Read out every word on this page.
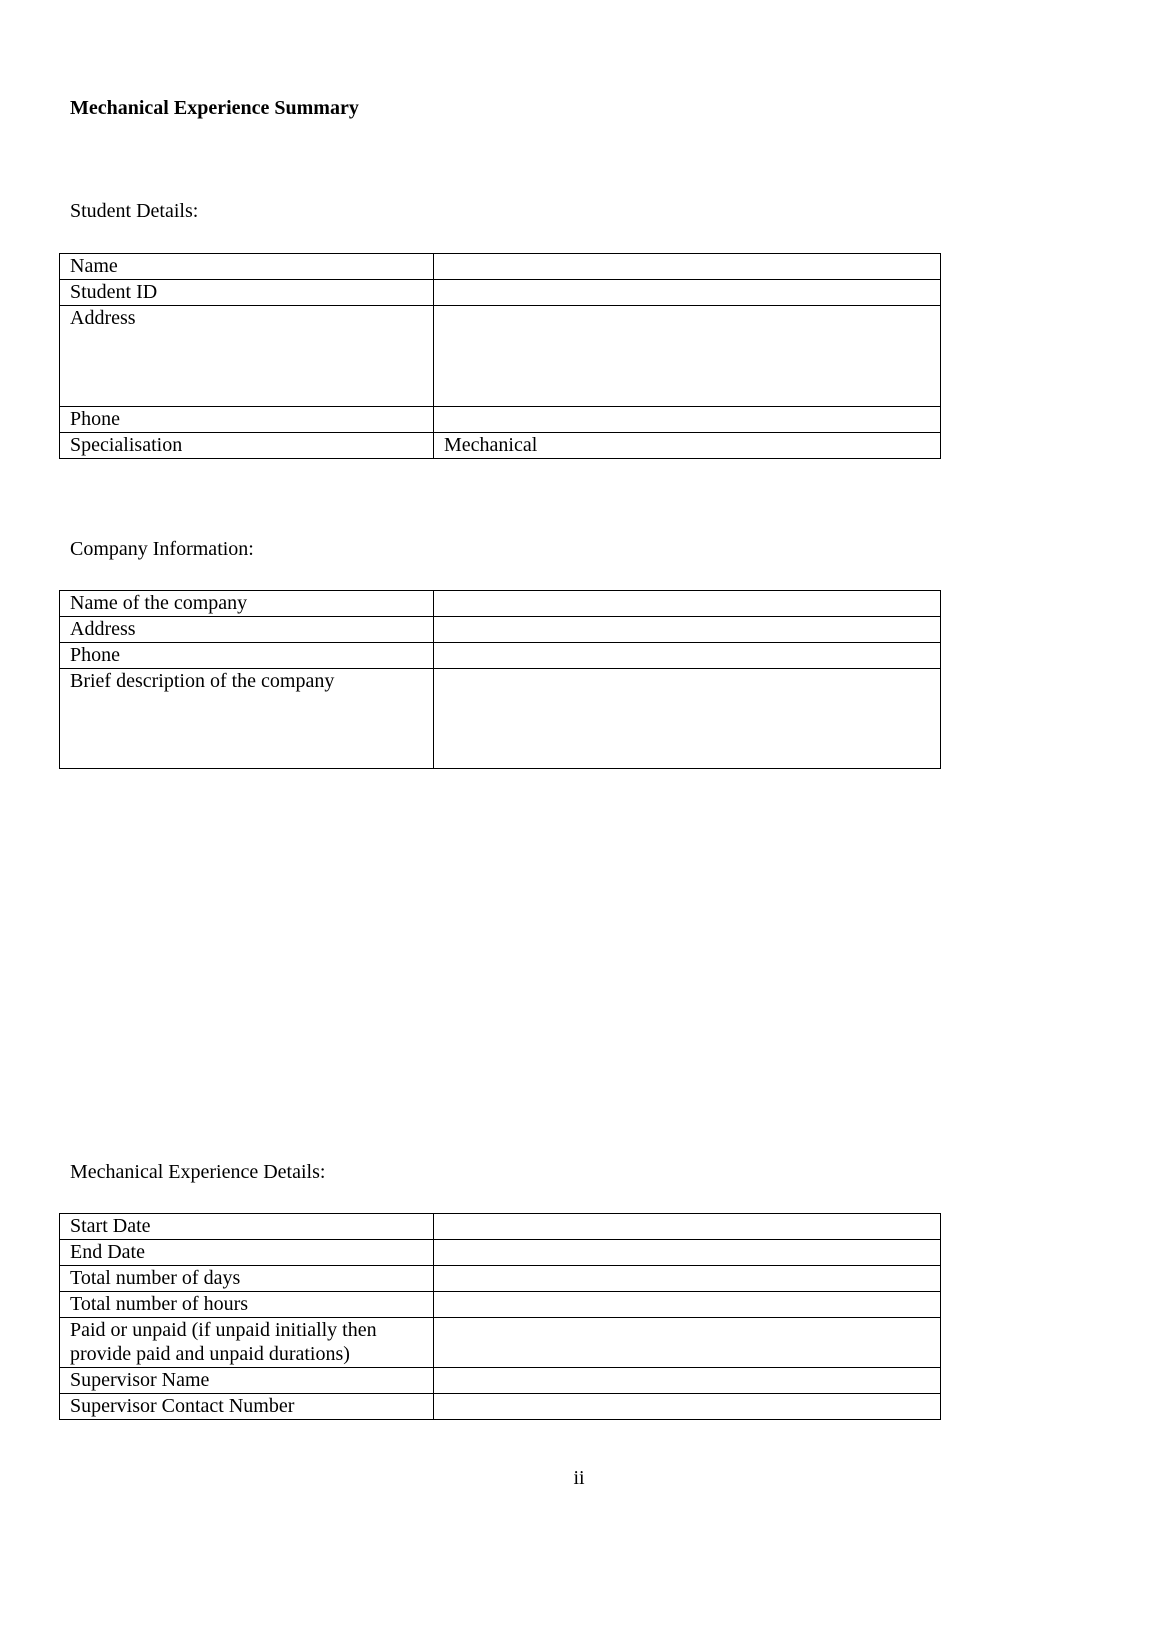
Mechanical Experience Summary

Student Details:

Name	
Student ID	
Address	
Phone	
Specialisation	Mechanical

Company Information:

Name of the company	
Address	
Phone	
Brief description of the company	

Mechanical Experience Details:

Start Date	
End Date	
Total number of days	
Total number of hours	
Paid or unpaid (if unpaid initially then provide paid and unpaid durations)	
Supervisor Name	
Supervisor Contact Number	
ii
